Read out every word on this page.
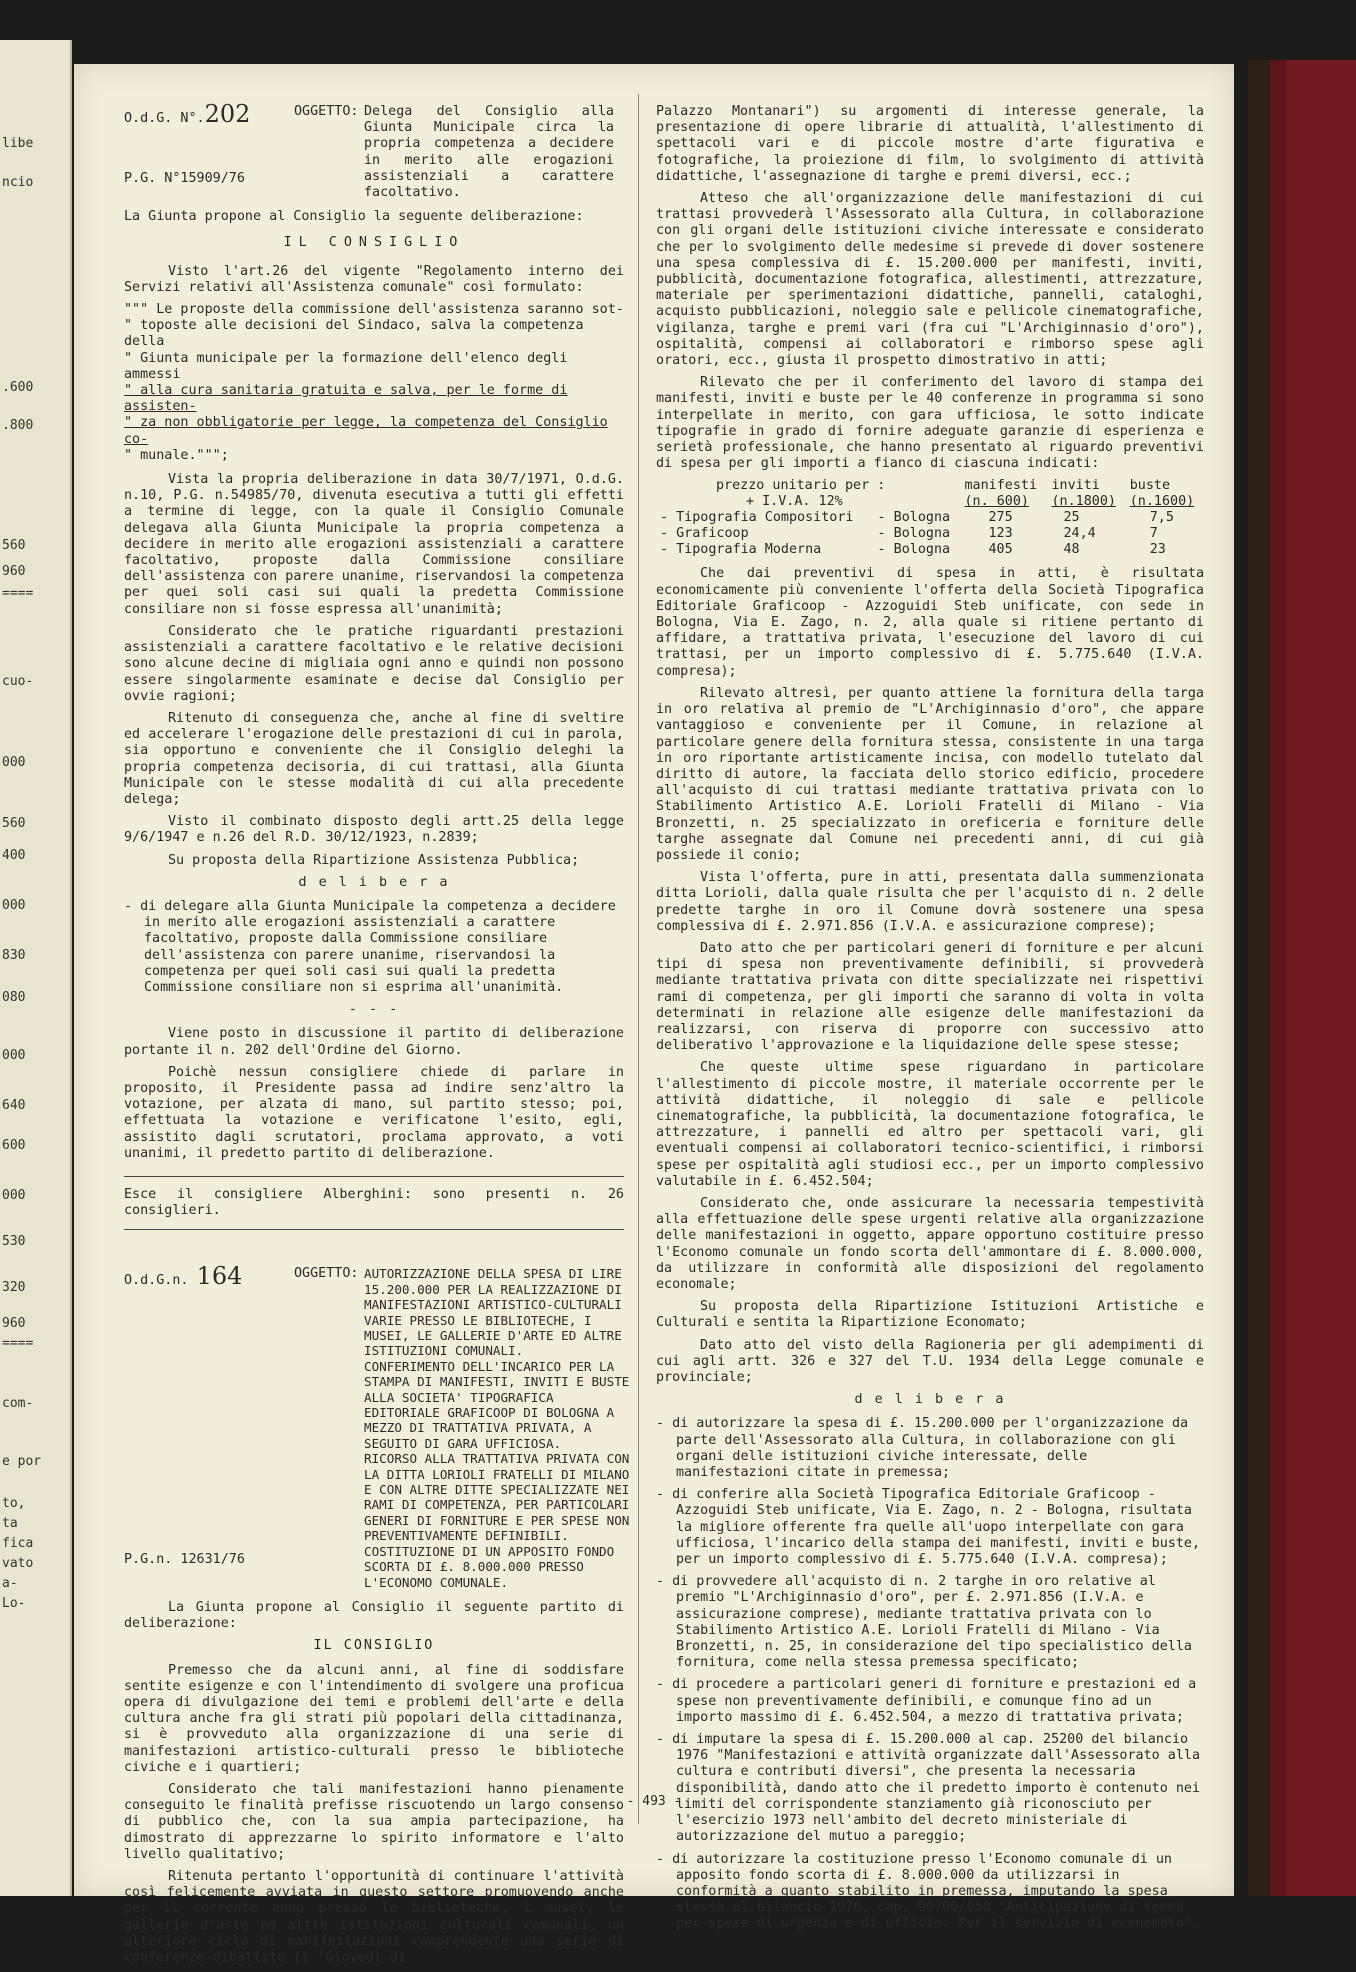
libe
ncio
.600
.800
560
960
====
cuo-
000
560
400
000
830
080
000
640
600
000
530
320
960
====
com-
e por
to,
ta
fica
vato
a-
Lo-
O.d.G. N°.202
P.G. N°15909/76
OGGETTO: Delega del Consiglio alla Giunta Municipale circa la propria competenza a decidere in merito alle erogazioni assistenziali a carattere facoltativo.

La Giunta propone al Consiglio la seguente deliberazione:

IL CONSIGLIO

Visto l'art.26 del vigente "Regolamento interno dei Servizi relativi all'Assistenza comunale" così formulato:

""" Le proposte della commissione dell'assistenza saranno sot-
" toposte alle decisioni del Sindaco, salva la competenza della
" Giunta municipale per la formazione dell'elenco degli ammessi
" alla cura sanitaria gratuita e salva, per le forme di assisten-
" za non obbligatorie per legge, la competenza del Consiglio co-
" munale.""";

Vista la propria deliberazione in data 30/7/1971, O.d.G. n.10, P.G. n.54985/70, divenuta esecutiva a tutti gli effetti a termine di legge, con la quale il Consiglio Comunale delegava alla Giunta Municipale la propria competenza a decidere in merito alle erogazioni assistenziali a carattere facoltativo, proposte dalla Commissione consiliare dell'assistenza con parere unanime, riservandosi la competenza per quei soli casi sui quali la predetta Commissione consiliare non si fosse espressa all'unanimità;

Considerato che le pratiche riguardanti prestazioni assistenziali a carattere facoltativo e le relative decisioni sono alcune decine di migliaia ogni anno e quindi non possono essere singolarmente esaminate e decise dal Consiglio per ovvie ragioni;

Ritenuto di conseguenza che, anche al fine di sveltire ed accelerare l'erogazione delle prestazioni di cui in parola, sia opportuno e conveniente che il Consiglio deleghi la propria competenza decisoria, di cui trattasi, alla Giunta Municipale con le stesse modalità di cui alla precedente delega;

Visto il combinato disposto degli artt.25 della legge 9/6/1947 e n.26 del R.D. 30/12/1923, n.2839;

Su proposta della Ripartizione Assistenza Pubblica;

d e l i b e r a

- di delegare alla Giunta Municipale la competenza a decidere in merito alle erogazioni assistenziali a carattere facoltativo, proposte dalla Commissione consiliare dell'assistenza con parere unanime, riservandosi la competenza per quei soli casi sui quali la predetta Commissione consiliare non si esprima all'unanimità.

- - -

Viene posto in discussione il partito di deliberazione portante il n. 202 dell'Ordine del Giorno.

Poichè nessun consigliere chiede di parlare in proposito, il Presidente passa ad indire senz'altro la votazione, per alzata di mano, sul partito stesso; poi, effettuata la votazione e verificatone l'esito, egli, assistito dagli scrutatori, proclama approvato, a voti unanimi, il predetto partito di deliberazione.

Esce il consigliere Alberghini: sono presenti n. 26 consiglieri.

O.d.G.n. 164
P.G.n. 12631/76
OGGETTO: AUTORIZZAZIONE DELLA SPESA DI LIRE 15.200.000 PER LA REALIZZAZIONE DI MANIFESTAZIONI ARTISTICO-CULTURALI VARIE PRESSO LE BIBLIOTECHE, I MUSEI, LE GALLERIE D'ARTE ED ALTRE ISTITUZIONI COMUNALI.
CONFERIMENTO DELL'INCARICO PER LA STAMPA DI MANIFESTI, INVITI E BUSTE ALLA SOCIETA' TIPOGRAFICA EDITORIALE GRAFICOOP DI BOLOGNA A MEZZO DI TRATTATIVA PRIVATA, A SEGUITO DI GARA UFFICIOSA.
RICORSO ALLA TRATTATIVA PRIVATA CON LA DITTA LORIOLI FRATELLI DI MILANO E CON ALTRE DITTE SPECIALIZZATE NEI RAMI DI COMPETENZA, PER PARTICOLARI GENERI DI FORNITURE E PER SPESE NON PREVENTIVAMENTE DEFINIBILI.
COSTITUZIONE DI UN APPOSITO FONDO SCORTA DI £. 8.000.000 PRESSO L'ECONOMO COMUNALE.

La Giunta propone al Consiglio il seguente partito di deliberazione:

IL CONSIGLIO

Premesso che da alcuni anni, al fine di soddisfare sentite esigenze e con l'intendimento di svolgere una proficua opera di divulgazione dei temi e problemi dell'arte e della cultura anche fra gli strati più popolari della cittadinanza, si è provveduto alla organizzazione di una serie di manifestazioni artistico-culturali presso le biblioteche civiche e i quartieri;

Considerato che tali manifestazioni hanno pienamente conseguito le finalità prefisse riscuotendo un largo consenso di pubblico che, con la sua ampia partecipazione, ha dimostrato di apprezzarne lo spirito informatore e l'alto livello qualitativo;

Ritenuta pertanto l'opportunità di continuare l'attività così felicemente avviata in questo settore promuovendo anche per il corrente anno presso le biblioteche, i musei, le gallerie d'arte ed altre istituzioni culturali comunali, un ulteriore ciclo di manifestazioni comprendente una serie di conferenze-dibattito (i "Giovedì di

Palazzo Montanari") su argomenti di interesse generale, la presentazione di opere librarie di attualità, l'allestimento di spettacoli vari e di piccole mostre d'arte figurativa e fotografiche, la proiezione di film, lo svolgimento di attività didattiche, l'assegnazione di targhe e premi diversi, ecc.;

Atteso che all'organizzazione delle manifestazioni di cui trattasi provvederà l'Assessorato alla Cultura, in collaborazione con gli organi delle istituzioni civiche interessate e considerato che per lo svolgimento delle medesime si prevede di dover sostenere una spesa complessiva di £. 15.200.000 per manifesti, inviti, pubblicità, documentazione fotografica, allestimenti, attrezzature, materiale per sperimentazioni didattiche, pannelli, cataloghi, acquisto pubblicazioni, noleggio sale e pellicole cinematografiche, vigilanza, targhe e premi vari (fra cui "L'Archiginnasio d'oro"), ospitalità, compensi ai collaboratori e rimborso spese agli oratori, ecc., giusta il prospetto dimostrativo in atti;

Rilevato che per il conferimento del lavoro di stampa dei manifesti, inviti e buste per le 40 conferenze in programma si sono interpellate in merito, con gara ufficiosa, le sotto indicate tipografie in grado di fornire adeguate garanzie di esperienza e serietà professionale, che hanno presentato al riguardo preventivi di spesa per gli importi a fianco di ciascuna indicati:

prezzo unitario per :		manifesti	inviti	buste
+ I.V.A. 12%		(n. 600)	(n.1800)	(n.1600)
- Tipografia Compositori	- Bologna	275	25	7,5
- Graficoop	- Bologna	123	24,4	7
- Tipografia Moderna	- Bologna	405	48	23

Che dai preventivi di spesa in atti, è risultata economicamente più conveniente l'offerta della Società Tipografica Editoriale Graficoop - Azzoguidi Steb unificate, con sede in Bologna, Via E. Zago, n. 2, alla quale si ritiene pertanto di affidare, a trattativa privata, l'esecuzione del lavoro di cui trattasi, per un importo complessivo di £. 5.775.640 (I.V.A. compresa);

Rilevato altresì, per quanto attiene la fornitura della targa in oro relativa al premio de "L'Archiginnasio d'oro", che appare vantaggioso e conveniente per il Comune, in relazione al particolare genere della fornitura stessa, consistente in una targa in oro riportante artisticamente incisa, con modello tutelato dal diritto di autore, la facciata dello storico edificio, procedere all'acquisto di cui trattasi mediante trattativa privata con lo Stabilimento Artistico A.E. Lorioli Fratelli di Milano - Via Bronzetti, n. 25 specializzato in oreficeria e forniture delle targhe assegnate dal Comune nei precedenti anni, di cui già possiede il conio;

Vista l'offerta, pure in atti, presentata dalla summenzionata ditta Lorioli, dalla quale risulta che per l'acquisto di n. 2 delle predette targhe in oro il Comune dovrà sostenere una spesa complessiva di £. 2.971.856 (I.V.A. e assicurazione comprese);

Dato atto che per particolari generi di forniture e per alcuni tipi di spesa non preventivamente definibili, si provvederà mediante trattativa privata con ditte specializzate nei rispettivi rami di competenza, per gli importi che saranno di volta in volta determinati in relazione alle esigenze delle manifestazioni da realizzarsi, con riserva di proporre con successivo atto deliberativo l'approvazione e la liquidazione delle spese stesse;

Che queste ultime spese riguardano in particolare l'allestimento di piccole mostre, il materiale occorrente per le attività didattiche, il noleggio di sale e pellicole cinematografiche, la pubblicità, la documentazione fotografica, le attrezzature, i pannelli ed altro per spettacoli vari, gli eventuali compensi ai collaboratori tecnico-scientifici, i rimborsi spese per ospitalità agli studiosi ecc., per un importo complessivo valutabile in £. 6.452.504;

Considerato che, onde assicurare la necessaria tempestività alla effettuazione delle spese urgenti relative alla organizzazione delle manifestazioni in oggetto, appare opportuno costituire presso l'Economo comunale un fondo scorta dell'ammontare di £. 8.000.000, da utilizzare in conformità alle disposizioni del regolamento economale;

Su proposta della Ripartizione Istituzioni Artistiche e Culturali e sentita la Ripartizione Economato;

Dato atto del visto della Ragioneria per gli adempimenti di cui agli artt. 326 e 327 del T.U. 1934 della Legge comunale e provinciale;

d e l i b e r a

- di autorizzare la spesa di £. 15.200.000 per l'organizzazione da parte dell'Assessorato alla Cultura, in collaborazione con gli organi delle istituzioni civiche interessate, delle manifestazioni citate in premessa;

- di conferire alla Società Tipografica Editoriale Graficoop - Azzoguidi Steb unificate, Via E. Zago, n. 2 - Bologna, risultata la migliore offerente fra quelle all'uopo interpellate con gara ufficiosa, l'incarico della stampa dei manifesti, inviti e buste, per un importo complessivo di £. 5.775.640 (I.V.A. compresa);

- di provvedere all'acquisto di n. 2 targhe in oro relative al premio "L'Archiginnasio d'oro", per £. 2.971.856 (I.V.A. e assicurazione comprese), mediante trattativa privata con lo Stabilimento Artistico A.E. Lorioli Fratelli di Milano - Via Bronzetti, n. 25, in considerazione del tipo specialistico della fornitura, come nella stessa premessa specificato;

- di procedere a particolari generi di forniture e prestazioni ed a spese non preventivamente definibili, e comunque fino ad un importo massimo di £. 6.452.504, a mezzo di trattativa privata;

- di imputare la spesa di £. 15.200.000 al cap. 25200 del bilancio 1976 "Manifestazioni e attività organizzate dall'Assessorato alla cultura e contributi diversi", che presenta la necessaria disponibilità, dando atto che il predetto importo è contenuto nei limiti del corrispondente stanziamento già riconosciuto per l'esercizio 1973 nell'ambito del decreto ministeriale di autorizzazione del mutuo a pareggio;

- di autorizzare la costituzione presso l'Economo comunale di un apposito fondo scorta di £. 8.000.000 da utilizzarsi in conformità a quanto stabilito in premessa, imputando la spesa stessa al bilancio 1976, cap. 90700/050 "Anticipazione di somma per spese di urgenza e di ufficio: Per il servizio di economato".

- 493 -
